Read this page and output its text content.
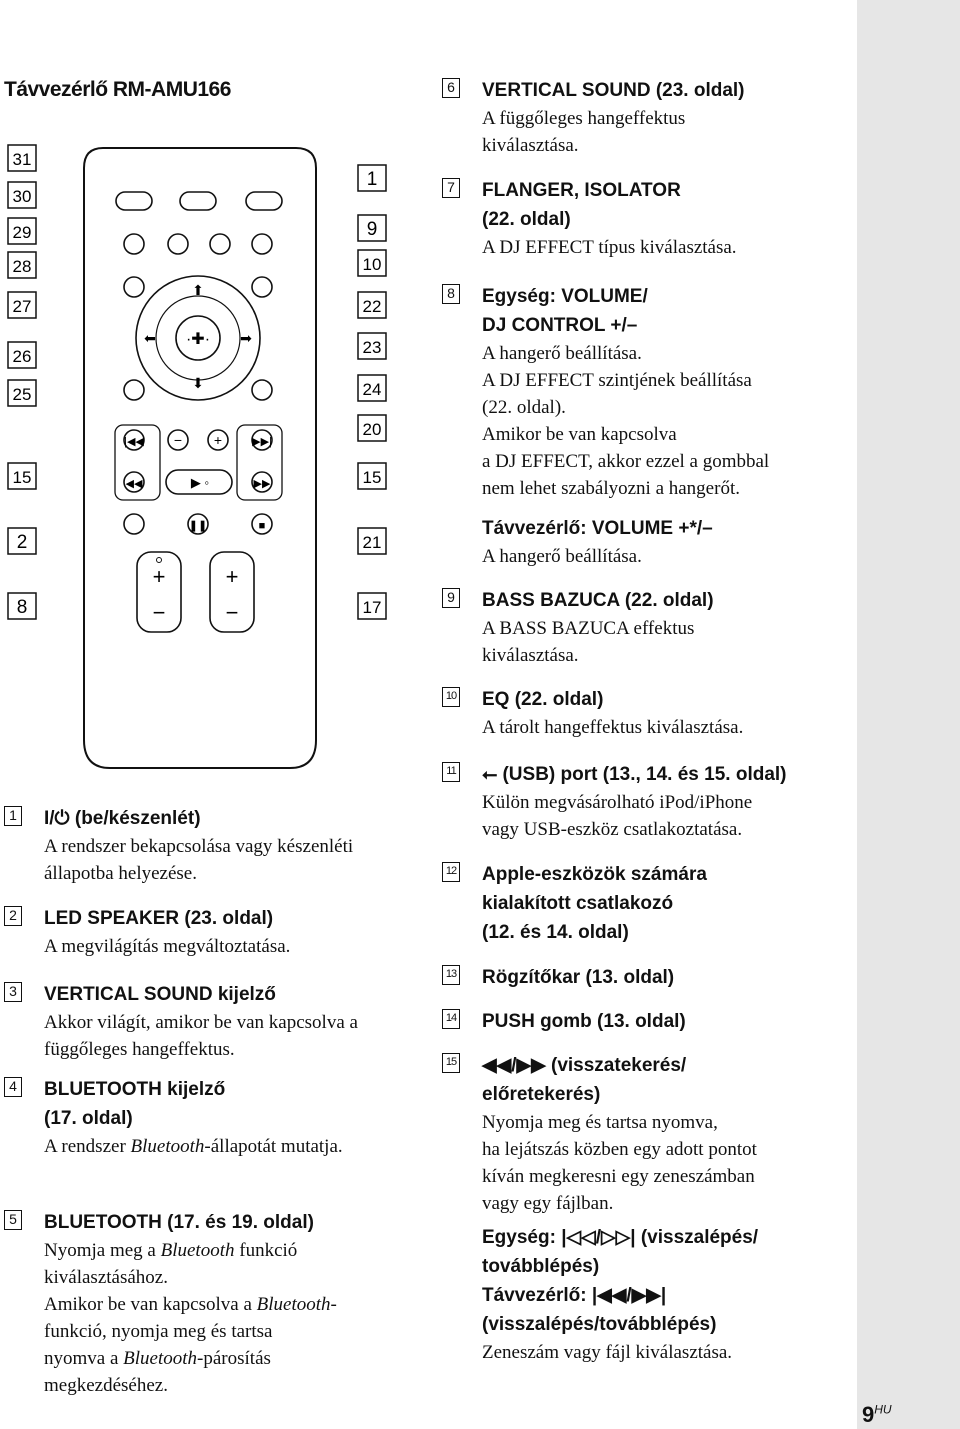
$9^{HU}$
Távvezérlő RM-AMU166
31
30
29
28
27
26
25
15
2
8
1
9
10
22
23
24
20
15
21
17
·✚·
⬆
⬇
⬅	➡
|◀◀
◀◀
▶▶|
▶▶
− +
▶ ◦
❚❚	■
+
−
+
−
1 I/⏻ (be/készenlét)
A rendszer bekapcsolása vagy készenléti állapotba helyezése.
2 LED SPEAKER (23. oldal)
A megvilágítás megváltoztatása.
3 VERTICAL SOUND kijelző
Akkor világít, amikor be van kapcsolva a függőleges hangeffektus.
4 BLUETOOTH kijelző
(17. oldal)
A rendszer Bluetooth-állapotát mutatja.
5 BLUETOOTH (17. és 19. oldal)
Nyomja meg a Bluetooth funkció
kiválasztásához.
Amikor be van kapcsolva a Bluetooth-
funkció, nyomja meg és tartsa
nyomva a Bluetooth-párosítás
megkezdéséhez.
6 VERTICAL SOUND (23. oldal)
A függőleges hangeffektus kiválasztása.
7 FLANGER, ISOLATOR
(22. oldal)
A DJ EFFECT típus kiválasztása.
8 Egység: VOLUME/
DJ CONTROL +/–
A hangerő beállítása.
A DJ EFFECT szintjének beállítása
(22. oldal).
Amikor be van kapcsolva
a DJ EFFECT, akkor ezzel a gombbal
nem lehet szabályozni a hangerőt.
Távvezérlő: VOLUME +*/–
A hangerő beállítása.
9 BASS BAZUCA (22. oldal)
A BASS BAZUCA effektus kiválasztása.
10 EQ (22. oldal)
A tárolt hangeffektus kiválasztása.
11 ⭠ (USB) port (13., 14. és 15. oldal)
Külön megvásárolható iPod/iPhone
vagy USB-eszköz csatlakoztatása.
12 Apple-eszközök számára
kialakított csatlakozó
(12. és 14. oldal)
13 Rögzítőkar (13. oldal)
14 PUSH gomb (13. oldal)
15 ◀◀/▶▶ (visszatekerés/
előretekerés)
Nyomja meg és tartsa nyomva,
ha lejátszás közben egy adott pontot
kíván megkeresni egy zeneszámban
vagy egy fájlban.
Egység: |◁◁/▷▷| (visszalépés/
továbblépés)
Távvezérlő: |◀◀/▶▶|
(visszalépés/továbblépés)
Zeneszám vagy fájl kiválasztása.
